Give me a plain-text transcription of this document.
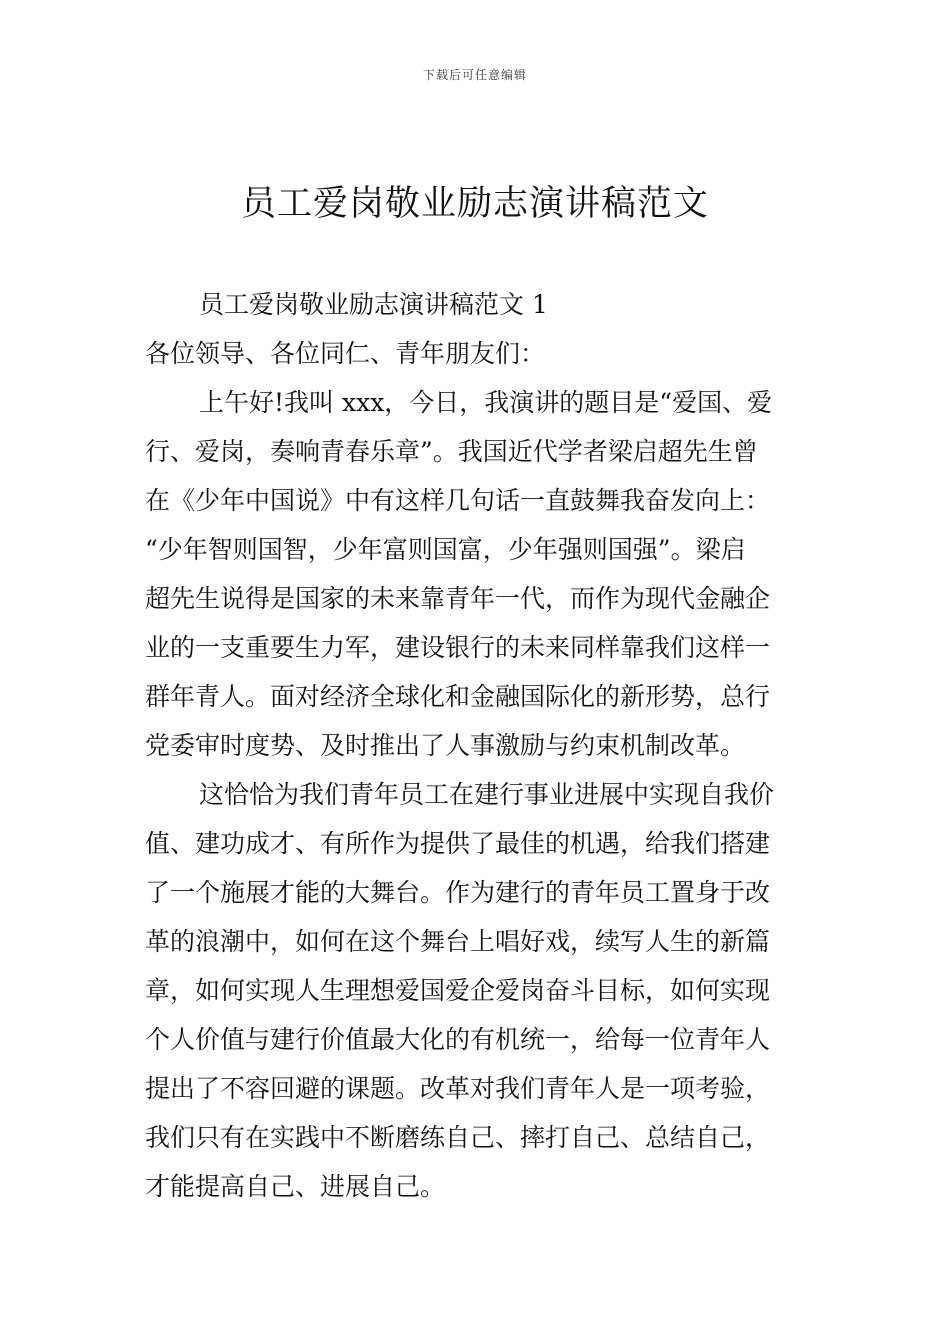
下载后可任意编辑
员工爱岗敬业励志演讲稿范文

员工爱岗敬业励志演讲稿范文 1

各位领导、各位同仁、青年朋友们：

上午好!我叫 xxx，今日，我演讲的题目是“爱国、爱
行、爱岗，奏响青春乐章”。我国近代学者梁启超先生曾
在《少年中国说》中有这样几句话一直鼓舞我奋发向上：
“少年智则国智，少年富则国富，少年强则国强”。梁启
超先生说得是国家的未来靠青年一代，而作为现代金融企
业的一支重要生力军，建设银行的未来同样靠我们这样一
群年青人。面对经济全球化和金融国际化的新形势，总行
党委审时度势、及时推出了人事激励与约束机制改革。

这恰恰为我们青年员工在建行事业进展中实现自我价
值、建功成才、有所作为提供了最佳的机遇，给我们搭建
了一个施展才能的大舞台。作为建行的青年员工置身于改
革的浪潮中，如何在这个舞台上唱好戏，续写人生的新篇
章，如何实现人生理想爱国爱企爱岗奋斗目标，如何实现
个人价值与建行价值最大化的有机统一，给每一位青年人
提出了不容回避的课题。改革对我们青年人是一项考验，
我们只有在实践中不断磨练自己、摔打自己、总结自己，
才能提高自己、进展自己。
